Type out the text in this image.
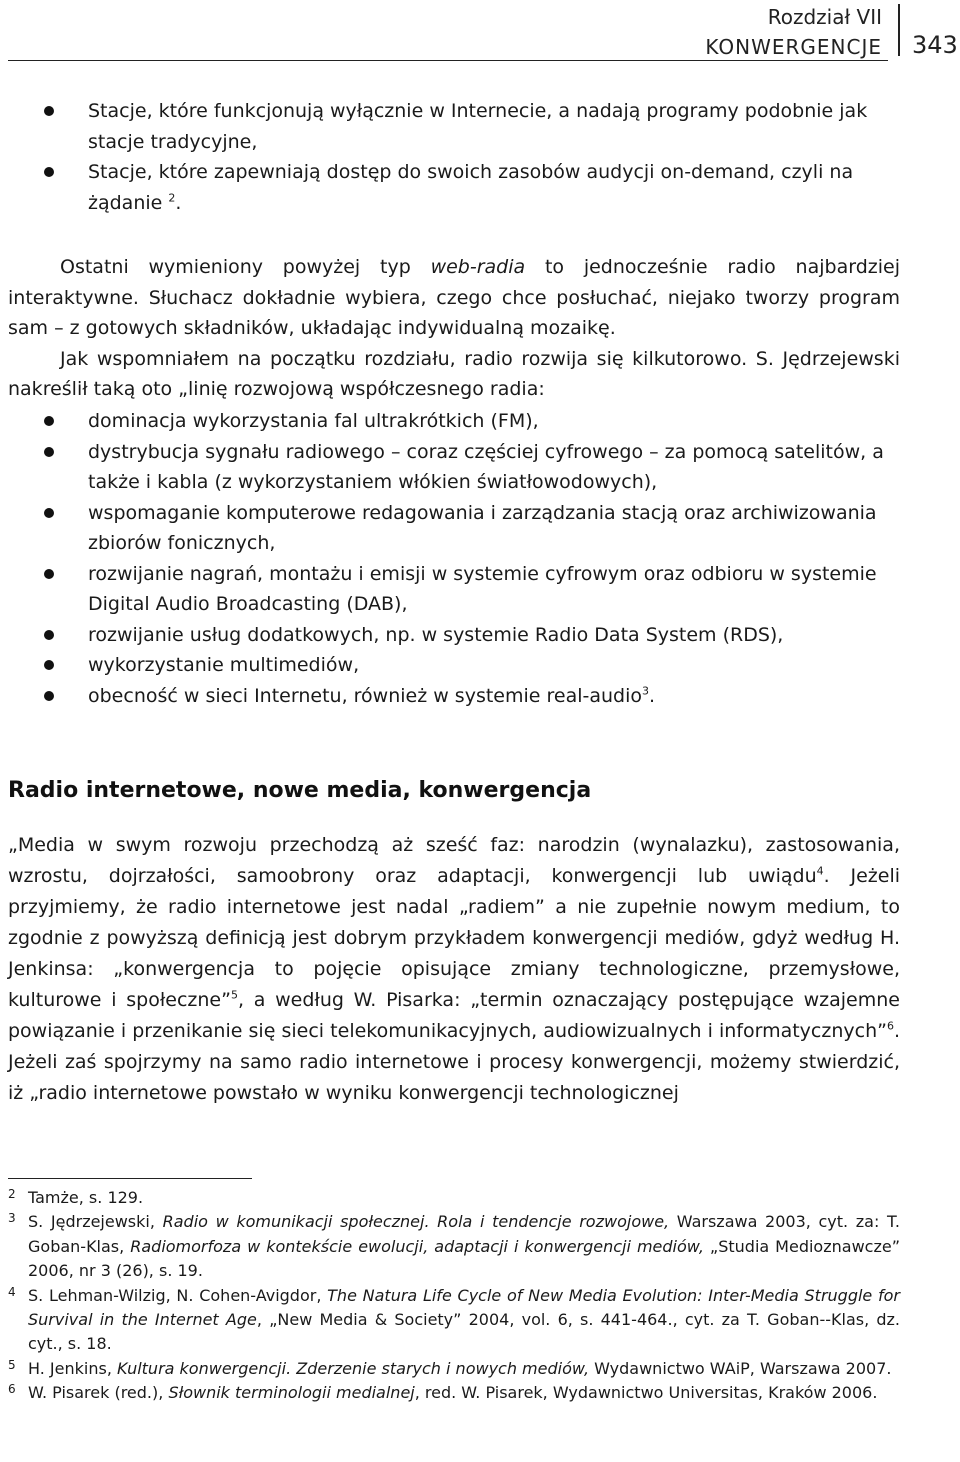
Rozdział VII
KONWERGENCJE 343
Stacje, które funkcjonują wyłącznie w Internecie, a nadają programy podobnie jak stacje tradycyjne,
Stacje, które zapewniają dostęp do swoich zasobów audycji on-demand, czyli na żądanie $^2$.

Ostatni wymieniony powyżej typ web-radia to jednocześnie radio najbardziej interaktywne. Słuchacz dokładnie wybiera, czego chce posłuchać, niejako tworzy program sam – z gotowych składników, układając indywidualną mozaikę.

Jak wspomniałem na początku rozdziału, radio rozwija się kilkutorowo. S. Jędrzejewski nakreślił taką oto „linię rozwojową współczesnego radia:

dominacja wykorzystania fal ultrakrótkich (FM),
dystrybucja sygnału radiowego – coraz częściej cyfrowego – za pomocą satelitów, a także i kabla (z wykorzystaniem włókien światłowodowych),
wspomaganie komputerowe redagowania i zarządzania stacją oraz archiwizowania zbiorów fonicznych,
rozwijanie nagrań, montażu i emisji w systemie cyfrowym oraz odbioru w systemie Digital Audio Broadcasting (DAB),
rozwijanie usług dodatkowych, np. w systemie Radio Data System (RDS),
wykorzystanie multimediów,
obecność w sieci Internetu, również w systemie real-audio$^3$.
Radio internetowe, nowe media, konwergencja

„Media w swym rozwoju przechodzą aż sześć faz: narodzin (wynalazku), zastosowania, wzrostu, dojrzałości, samoobrony oraz adaptacji, konwergencji lub uwiądu$^4$. Jeżeli przyjmiemy, że radio internetowe jest nadal „radiem” a nie zupełnie nowym medium, to zgodnie z powyższą definicją jest dobrym przykładem konwergencji mediów, gdyż według H. Jenkinsa: „konwergencja to pojęcie opisujące zmiany technologiczne, przemysłowe, kulturowe i społeczne”$^5$, a według W. Pisarka: „termin oznaczający postępujące wzajemne powiązanie i przenikanie się sieci telekomunikacyjnych, audiowizualnych i informatycznych”$^6$. Jeżeli zaś spojrzymy na samo radio internetowe i procesy konwergencji, możemy stwierdzić, iż „radio internetowe powstało w wyniku konwergencji technologicznej

2 Tamże, s. 129.
3 S. Jędrzejewski, Radio w komunikacji społecznej. Rola i tendencje rozwojowe, Warszawa 2003, cyt. za: T. Goban-Klas, Radiomorfoza w kontekście ewolucji, adaptacji i konwergencji mediów, „Studia Medioznawcze” 2006, nr 3 (26), s. 19.
4 S. Lehman-Wilzig, N. Cohen-Avigdor, The Natura Life Cycle of New Media Evolution: Inter-Media Struggle for Survival in the Internet Age, „New Media & Society” 2004, vol. 6, s. 441-464., cyt. za T. Goban--Klas, dz. cyt., s. 18.
5 H. Jenkins, Kultura konwergencji. Zderzenie starych i nowych mediów, Wydawnictwo WAiP, Warszawa 2007.
6 W. Pisarek (red.), Słownik terminologii medialnej, red. W. Pisarek, Wydawnictwo Universitas, Kraków 2006.
